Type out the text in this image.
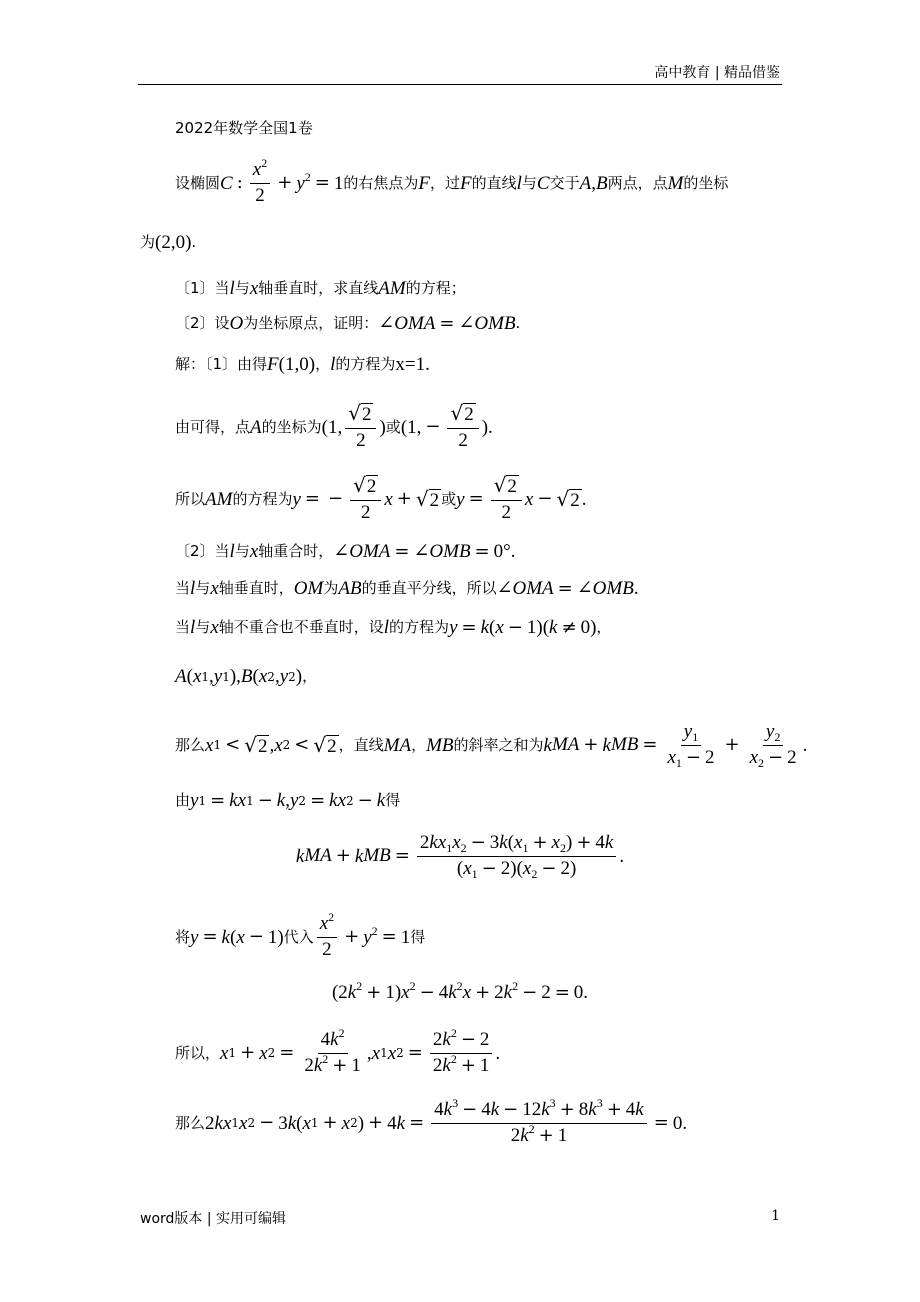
高中教育 | 精品借鉴
2022年数学全国1卷
设椭圆 C : $\frac{x^2}{2} + y^2 = 1$ 的右焦点为 F ，过 F 的直线 l 与 C 交于 A , B 两点，点 M 的坐标
为 (2,0) .
〔1〕当 l 与 x 轴垂直时，求直线 AM 的方程；
〔2〕设 O 为坐标原点，证明： ∠ OMA = ∠ OMB .
解：〔1〕由得 F (1,0) ， l 的方程为 x=1.
由可得，点 A 的坐标为 (1, $\frac{√ 2}{2}$ ) 或 (1, − $\frac{√ 2}{2}$ ).
所以 AM 的方程为 y = − $\frac{√ 2}{2}$ x + √ 2 或 $y = \frac{√ 2}{2}$ x − √ 2 .
〔2〕当 l 与 x 轴重合时， ∠ OMA = ∠ OMB = 0°.
当 l 与 x 轴垂直时， OM 为 AB 的垂直平分线，所以 ∠ OMA = ∠ OMB .
当 l 与 x 轴不重合也不垂直时，设 l 的方程为 y = k ( x − 1)( k ≠ 0) ，
A ( x 1 , y 1 ), B ( x 2 , y 2 ) ，
那么 x 1 < √ 2 , x 2 < √ 2 ，直线 MA ， MB 的斜率之和为 k MA + k MB = $\frac{y_1}{x_1 - 2} + \frac{y_2}{x_2 - 2}$ .
由 y 1 = kx 1 − k , y 2 = kx 2 − k 得
k MA + k MB = $\frac{2kx_1x_2 - 3k(x_1 + x_2) + 4k}{(x_1 - 2)(x_2 - 2)}$ .
将 y = k ( x − 1) 代入 $\frac{x^2}{2} + y^2 = 1$ 得
(2 $k^2 + 1$) $x^2 - 4$ $k^2x + 2$ $k^2 - 2 = 0$.
所以， x 1 + x $2 = \frac{4k^2}{2k^2 + 1}$ , x 1 x $2 = \frac{2k^2 - 2}{2k^2 + 1}$ .
那么 2 kx 1 x 2 − 3 k ( x 1 + x 2 ) + 4 $k = \frac{4k^3 - 4k - 12k^3 + 8k^3 + 4k}{2k^2 + 1} = 0$.
word版本 | 实用可编辑	1
